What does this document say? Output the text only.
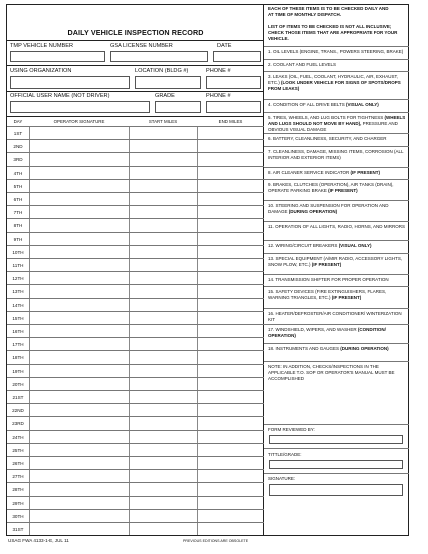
DAILY VEHICLE INSPECTION RECORD
TMP VEHICLE NUMBER	GSA LICENSE NUMBER	DATE
USING ORGANIZATION	LOCATION (BLDG #)	PHONE #
OFFICIAL USER NAME (NOT DRIVER)	GRADE	PHONE #
DAY	OPERATOR SIGNATURE	START MILES	END MILES
1ST
2ND
3RD
4TH
5TH
6TH
7TH
8TH
9TH
10TH
11TH
12TH
13TH
14TH
15TH
16TH
17TH
18TH
19TH
20TH
21ST
22ND
23RD
24TH
25TH
26TH
27TH
28TH
29TH
30TH
31ST
EACH OF THESE ITEMS IS TO BE CHECKED DAILY AND
AT TIME OF MONTHLY DISPATCH.
LIST OF ITEMS TO BE CHECKED IS NOT ALL INCLUSIVE; CHECK THOSE ITEMS THAT ARE APPROPRIATE FOR YOUR VEHICLE.
1. OIL LEVELS (ENGINE, TRANS., POWERS STEERING, BRAKE)
2. COOLANT AND FUEL LEVELS
3. LEAKS (OIL, FUEL, COOLANT, HYDRAULIC, AIR, EXHAUST, ETC.) (LOOK UNDER VEHICLE FOR SIGNS OF SPOTS/DROPS FROM LEAKS)
4. CONDITION OF ALL DRIVE BELTS (VISUAL ONLY)
5. TIRES, WHEELS, AND LUG BOLTS FOR TIGHTNESS (WHEELS AND LUGS SHOULD NOT MOVE BY HAND), PRESSURE AND OBVIOUS VISUAL DAMAGE
6. BATTERY, CLEANLINESS, SECURITY, AND CHARGER
7. CLEANLINESS, DAMAGE, MISSING ITEMS, CORROSION (ALL INTERIOR AND EXTERIOR ITEMS)
8. AIR CLEANER SERVICE INDICATOR (IF PRESENT)
9. BRAKES, CLUTCHES (OPERATION), AIR TANKS (DRAIN), OPERATE PARKING BRAKE (IF PRESENT)
10. STEERING AND SUSPENSION FOR OPERATION AND DAMAGE (DURING OPERATION)
11. OPERATION OF ALL LIGHTS, RADIO, HORNS, AND MIRRORS
12. WIRING/CIRCUIT BREAKERS (VISUAL ONLY)
13. SPECIAL EQUIPMENT (A/MIR RADIO, ACCESSORY LIGHTS, SNOW PLOW, ETC.) (IF PRESENT)
14. TRANSMISSION SHIFTER FOR PROPER OPERATION
15. SAFETY DEVICES (FIRE EXTINGUISHERS, FLARES, WARNING TRIANGLES, ETC.) (IF PRESENT)
16. HEATER/DEFROSTER/AIR CONDITIONER/ WINTERIZATION KIT
17. WINDSHIELD, WIPERS, AND WASHER (CONDITION/ OPERATION)
18. INSTRUMENTS AND GAUGES (DURING OPERATION)
NOTE: IN ADDITION, CHECKS/INSPECTIONS IN THE APPLICABLE T.O. SOP OR OPERATOR'S MANUAL MUST BE ACCOMPLISHED
FORM REVIEWED BY:
TITTLE/GRADE:
SIGNATURE:
USAG FWA 4133-1-E, JUL 11	PREVIOUS EDITIONS ARE OBSOLETE
